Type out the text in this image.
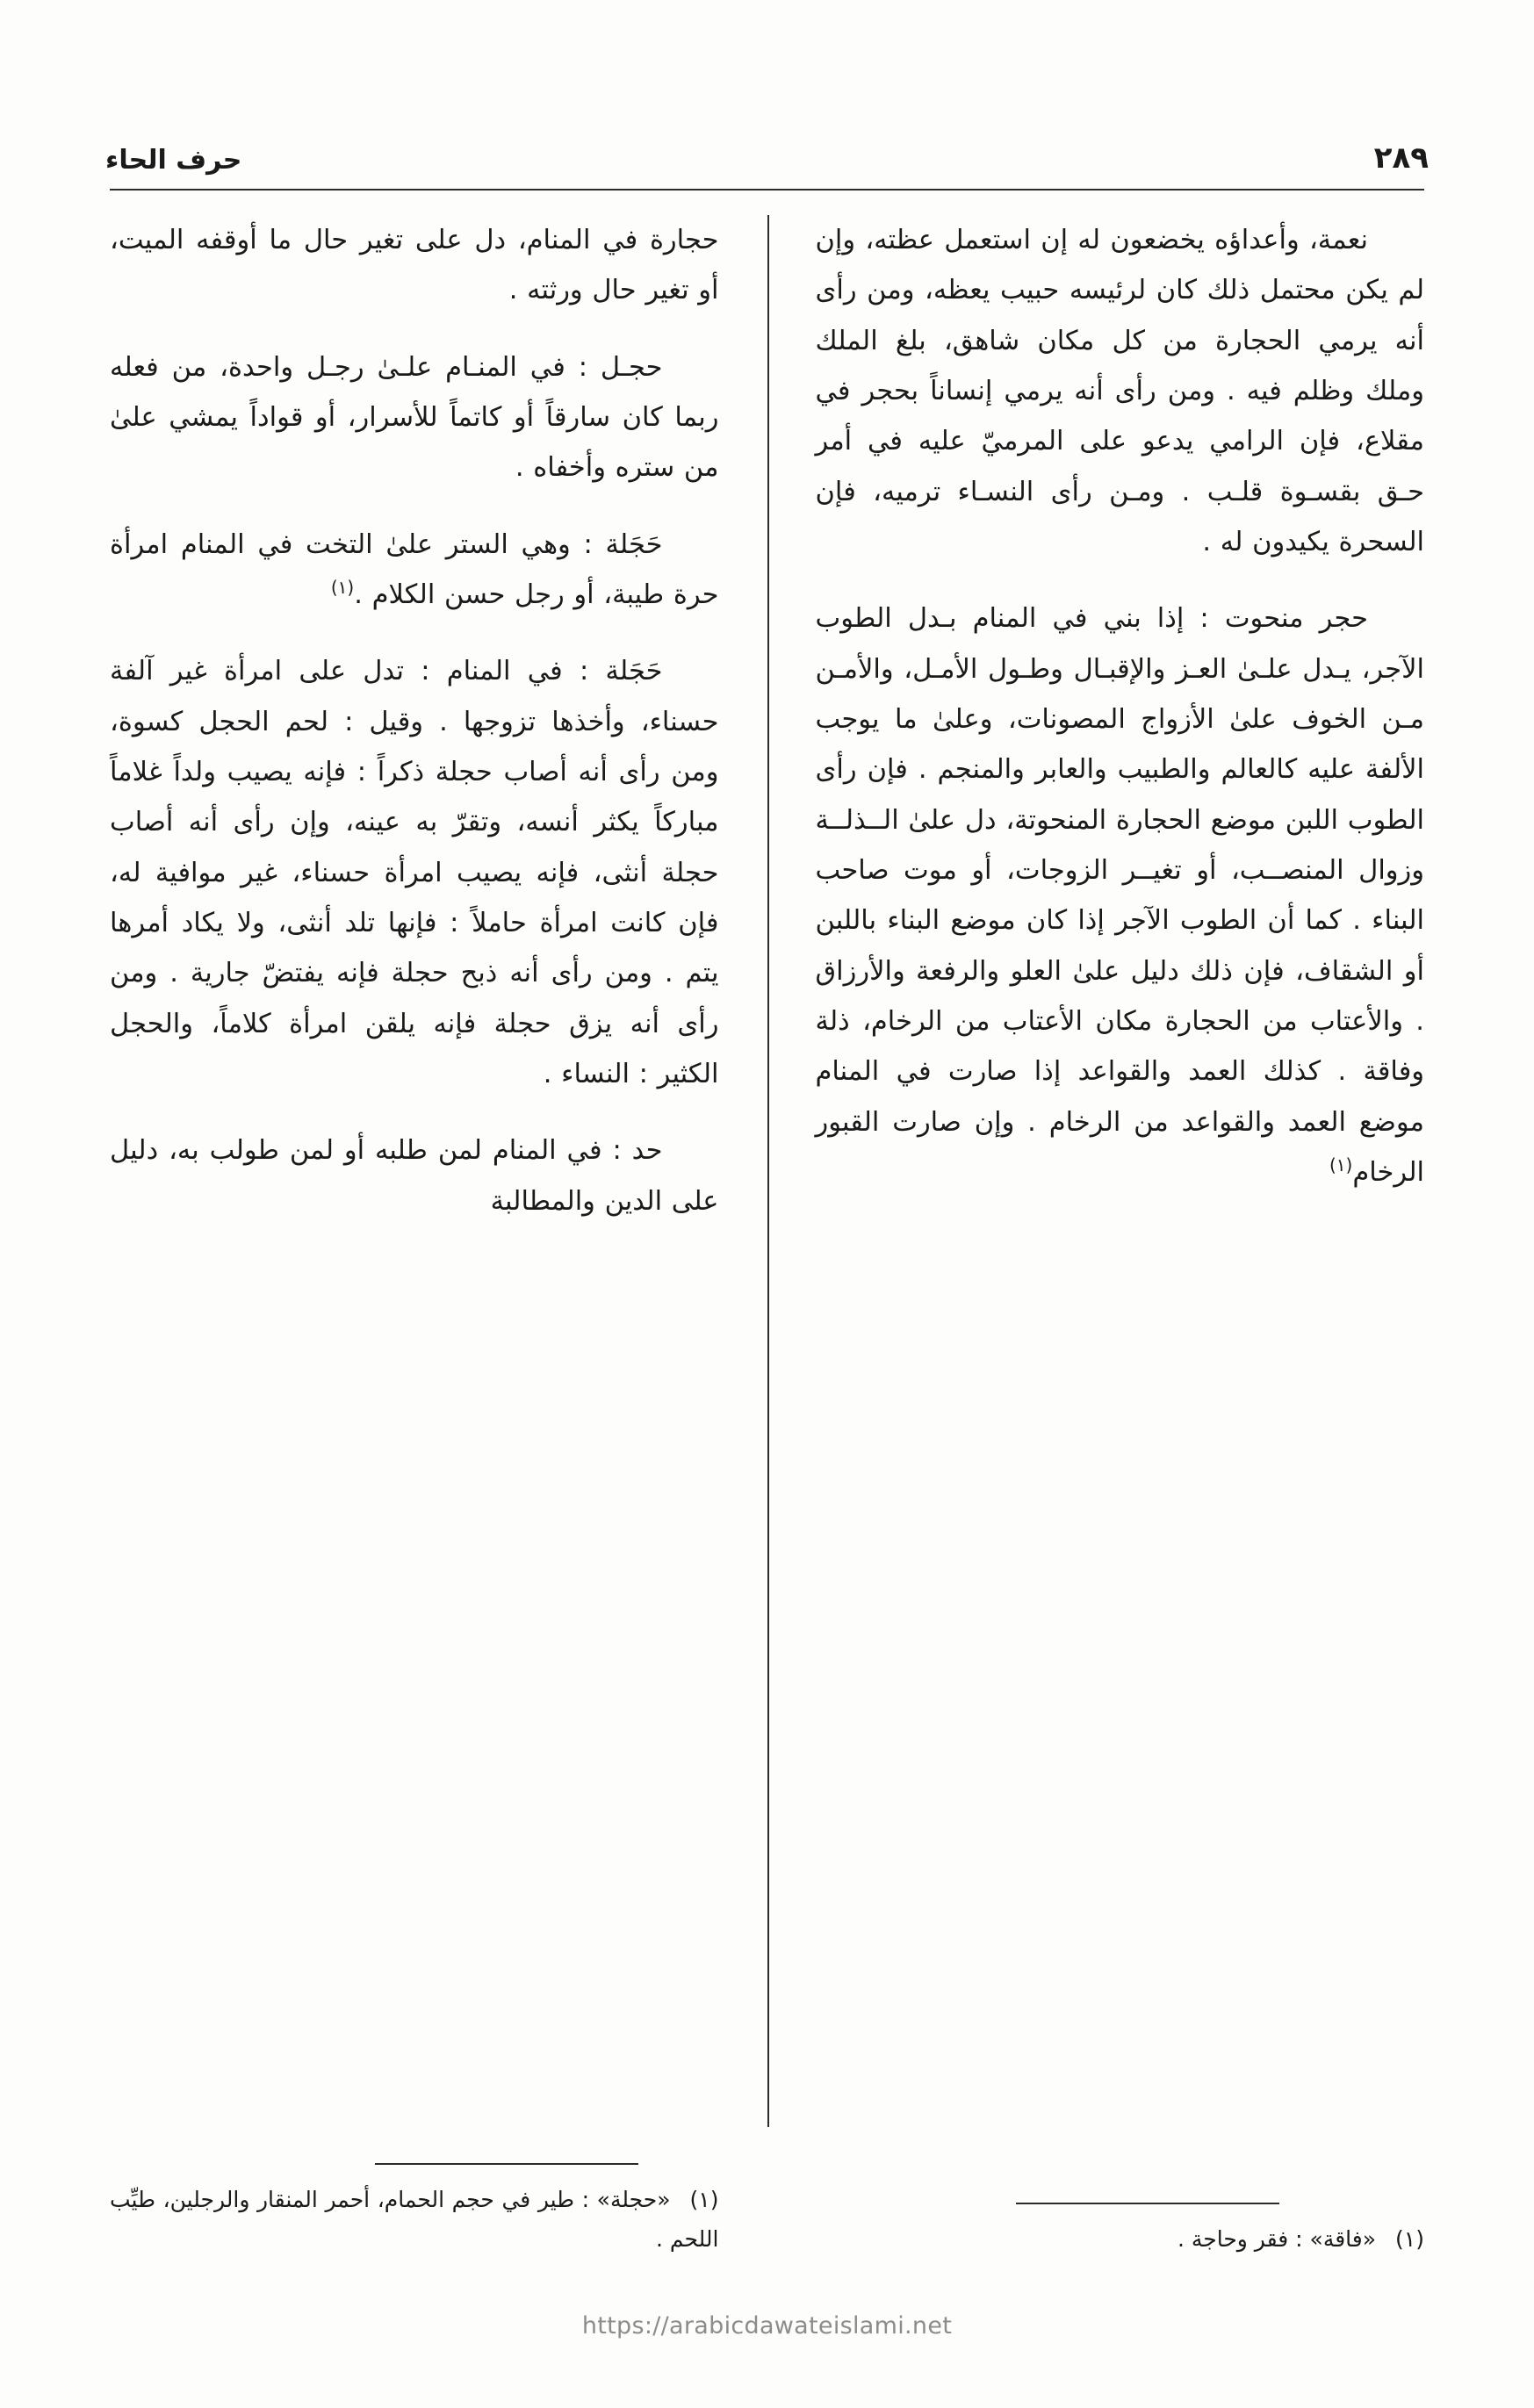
حرف الحاء	٢٨٩

نعمة، وأعداؤه يخضعون له إن استعمل عظته، وإن لم يكن محتمل ذلك كان لرئيسه حبيب يعظه، ومن رأى أنه يرمي الحجارة من كل مكان شاهق، بلغ الملك وملك وظلم فيه . ومن رأى أنه يرمي إنساناً بحجر في مقلاع، فإن الرامي يدعو على المرميّ عليه في أمر حـق بقسـوة قلـب . ومـن رأى النسـاء ترميه، فإن السحرة يكيدون له .

حجر منحوت : إذا بني في المنام بـدل الطوب الآجر، يـدل علـىٰ العـز والإقبـال وطـول الأمـل، والأمـن مـن الخوف علىٰ الأزواج المصونات، وعلىٰ ما يوجب الألفة عليه كالعالم والطبيب والعابر والمنجم . فإن رأى الطوب اللبن موضع الحجارة المنحوتة، دل علىٰ الــذلــة وزوال المنصــب، أو تغيــر الزوجات، أو موت صاحب البناء . كما أن الطوب الآجر إذا كان موضع البناء باللبن أو الشقاف، فإن ذلك دليل علىٰ العلو والرفعة والأرزاق . والأعتاب من الحجارة مكان الأعتاب من الرخام، ذلة وفاقة . كذلك العمد والقواعد إذا صارت في المنام موضع العمد والقواعد من الرخام . وإن صارت القبور الرخام$^{(١)}$

(١)«فاقة» : فقر وحاجة .

حجارة في المنام، دل على تغير حال ما أوقفه الميت، أو تغير حال ورثته .

حجـل : في المنـام علـىٰ رجـل واحدة، من فعله ربما كان سارقاً أو كاتماً للأسرار، أو قواداً يمشي علىٰ من ستره وأخفاه .

حَجَلة : وهي الستر علىٰ التخت في المنام امرأة حرة طيبة، أو رجل حسن الكلام .$^{(١)}$

حَجَلة : في المنام : تدل على امرأة غير آلفة حسناء، وأخذها تزوجها . وقيل : لحم الحجل كسوة، ومن رأى أنه أصاب حجلة ذكراً : فإنه يصيب ولداً غلاماً مباركاً يكثر أنسه، وتقرّ به عينه، وإن رأى أنه أصاب حجلة أنثى، فإنه يصيب امرأة حسناء، غير موافية له، فإن كانت امرأة حاملاً : فإنها تلد أنثى، ولا يكاد أمرها يتم . ومن رأى أنه ذبح حجلة فإنه يفتضّ جارية . ومن رأى أنه يزق حجلة فإنه يلقن امرأة كلاماً، والحجل الكثير : النساء .

حد : في المنام لمن طلبه أو لمن طولب به، دليل على الدين والمطالبة

(١)«حجلة» : طير في حجم الحمام، أحمر المنقار والرجلين، طيِّب اللحم .

https://arabicdawateislami.net
